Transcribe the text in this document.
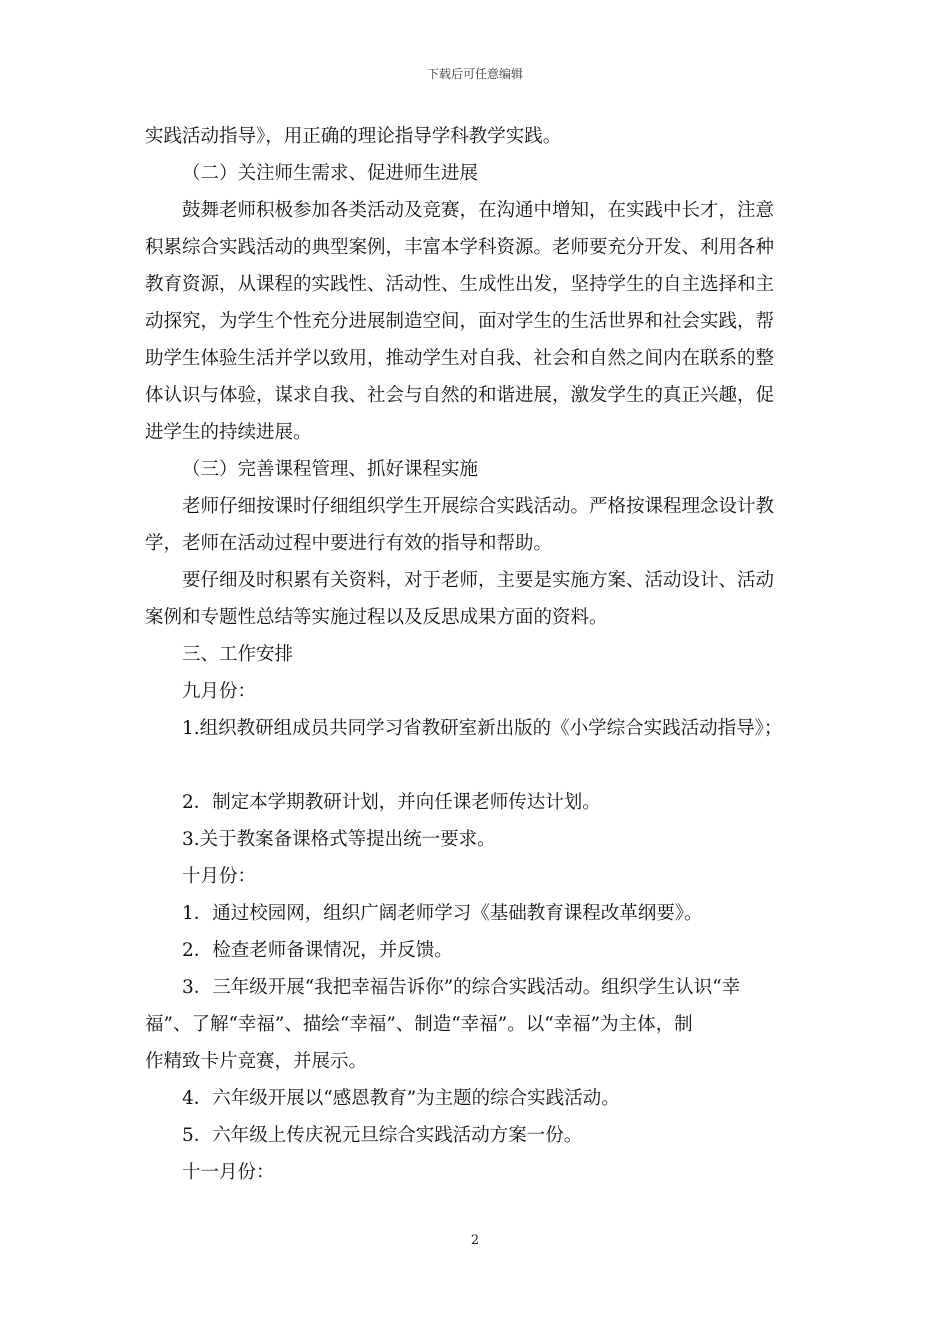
下载后可任意编辑
实践活动指导》，用正确的理论指导学科教学实践。
（二）关注师生需求、促进师生进展
鼓舞老师积极参加各类活动及竞赛，在沟通中增知，在实践中长才，注意
积累综合实践活动的典型案例，丰富本学科资源。老师要充分开发、利用各种
教育资源，从课程的实践性、活动性、生成性出发，坚持学生的自主选择和主
动探究，为学生个性充分进展制造空间，面对学生的生活世界和社会实践，帮
助学生体验生活并学以致用，推动学生对自我、社会和自然之间内在联系的整
体认识与体验，谋求自我、社会与自然的和谐进展，激发学生的真正兴趣，促
进学生的持续进展。
（三）完善课程管理、抓好课程实施
老师仔细按课时仔细组织学生开展综合实践活动。严格按课程理念设计教
学，老师在活动过程中要进行有效的指导和帮助。
要仔细及时积累有关资料，对于老师，主要是实施方案、活动设计、活动
案例和专题性总结等实施过程以及反思成果方面的资料。
三、工作安排
九月份：
1.组织教研组成员共同学习省教研室新出版的《小学综合实践活动指导》；
2．制定本学期教研计划，并向任课老师传达计划。
3.关于教案备课格式等提出统一要求。
十月份：
1．通过校园网，组织广阔老师学习《基础教育课程改革纲要》。
2．检查老师备课情况，并反馈。
3．三年级开展“我把幸福告诉你”的综合实践活动。组织学生认识“幸
福”、了解“幸福”、描绘“幸福”、制造“幸福”。以“幸福”为主体，制
作精致卡片竞赛，并展示。
4．六年级开展以“感恩教育”为主题的综合实践活动。
5．六年级上传庆祝元旦综合实践活动方案一份。
十一月份：
2
